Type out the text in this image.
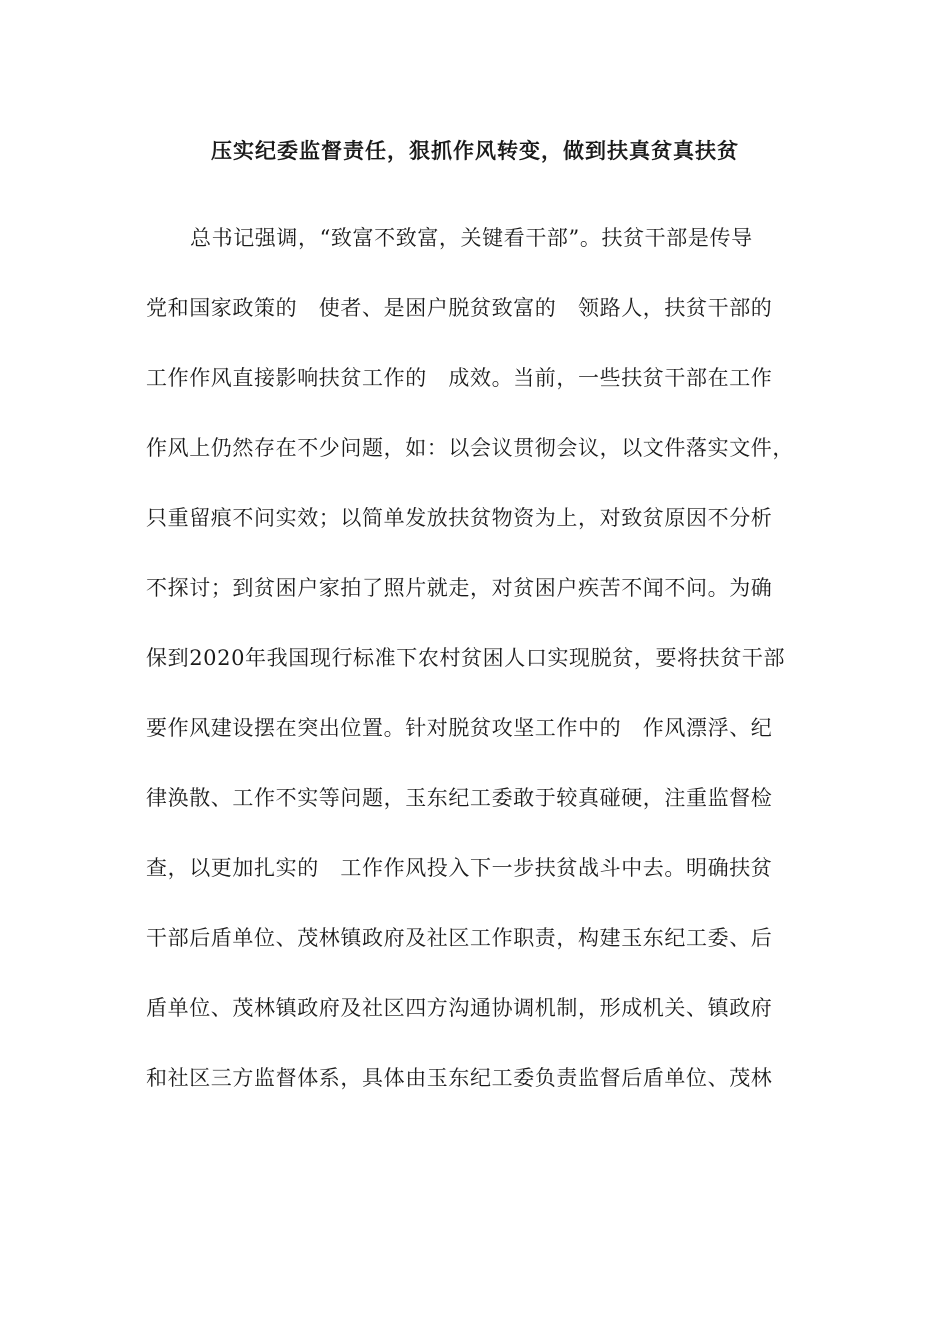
压实纪委监督责任，狠抓作风转变，做到扶真贫真扶贫
总书记强调，“致富不致富，关键看干部”。扶贫干部是传导
党和国家政策的　使者、是困户脱贫致富的　领路人，扶贫干部的
工作作风直接影响扶贫工作的　成效。当前，一些扶贫干部在工作
作风上仍然存在不少问题，如：以会议贯彻会议，以文件落实文件，
只重留痕不问实效；以简单发放扶贫物资为上，对致贫原因不分析
不探讨；到贫困户家拍了照片就走，对贫困户疾苦不闻不问。为确
保到2020年我国现行标准下农村贫困人口实现脱贫，要将扶贫干部
要作风建设摆在突出位置。针对脱贫攻坚工作中的　作风漂浮、纪
律涣散、工作不实等问题，玉东纪工委敢于较真碰硬，注重监督检
查，以更加扎实的　工作作风投入下一步扶贫战斗中去。明确扶贫
干部后盾单位、茂林镇政府及社区工作职责，构建玉东纪工委、后
盾单位、茂林镇政府及社区四方沟通协调机制，形成机关、镇政府
和社区三方监督体系，具体由玉东纪工委负责监督后盾单位、茂林
